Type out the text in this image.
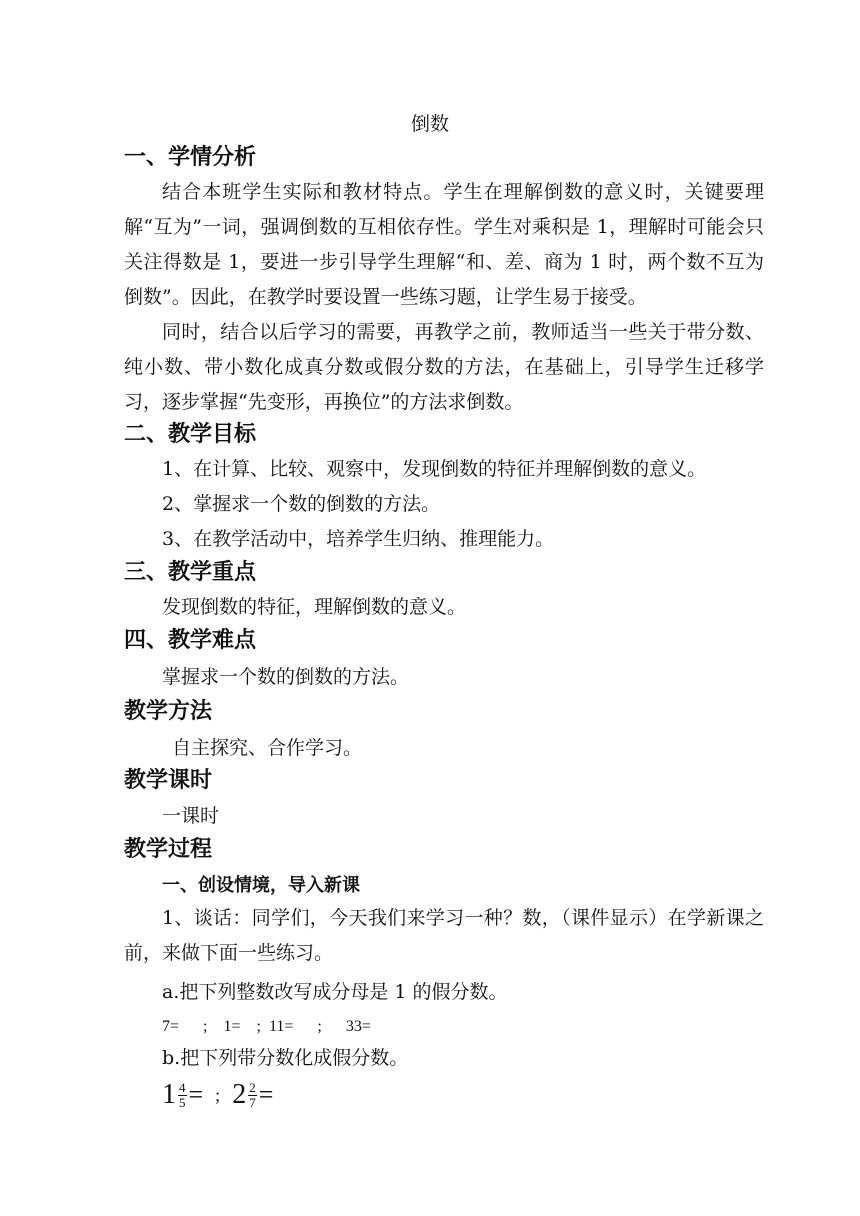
倒数
一、学情分析
结合本班学生实际和教材特点。学生在理解倒数的意义时，关键要理解“互为”一词，强调倒数的互相依存性。学生对乘积是 1，理解时可能会只关注得数是 1，要进一步引导学生理解“和、差、商为 1 时，两个数不互为倒数”。因此，在教学时要设置一些练习题，让学生易于接受。
同时，结合以后学习的需要，再教学之前，教师适当一些关于带分数、纯小数、带小数化成真分数或假分数的方法，在基础上，引导学生迁移学习，逐步掌握“先变形，再换位”的方法求倒数。
二、教学目标
1、在计算、比较、观察中，发现倒数的特征并理解倒数的意义。
2、掌握求一个数的倒数的方法。
3、在教学活动中，培养学生归纳、推理能力。
三、教学重点
发现倒数的特征，理解倒数的意义。
四、教学难点
掌握求一个数的倒数的方法。
教学方法
自主探究、合作学习。
教学课时
一课时
教学过程
一、创设情境，导入新课
1、谈话：同学们，今天我们来学习一种？数，（课件显示）在学新课之前，来做下面一些练习。
a.把下列整数改写成分母是 1 的假分数。
7=      ;    1=    ;  11=      ;      33=
b.把下列带分数化成假分数。
$1 \frac{4}{5}$ = ; $2 \frac{2}{7}$ =
